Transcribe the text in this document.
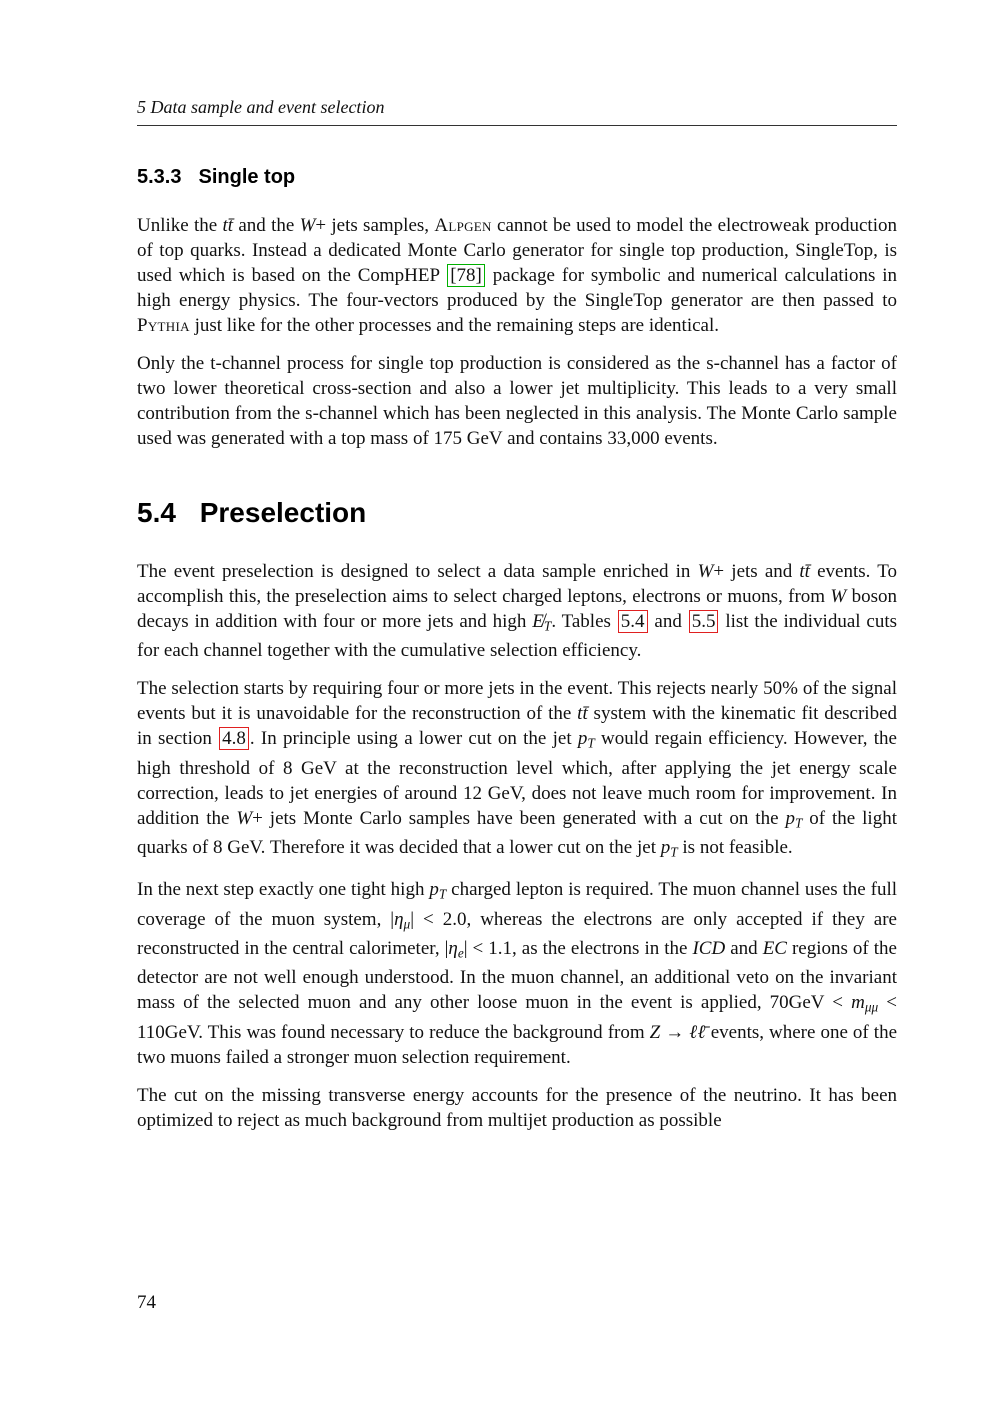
5 Data sample and event selection
5.3.3 Single top

Unlike the tt̄ and the W+ jets samples, Alpgen cannot be used to model the electroweak production of top quarks. Instead a dedicated Monte Carlo generator for single top production, SingleTop, is used which is based on the CompHEP [78] package for symbolic and numerical calculations in high energy physics. The four-vectors produced by the SingleTop generator are then passed to Pythia just like for the other processes and the remaining steps are identical.

Only the t-channel process for single top production is considered as the s-channel has a factor of two lower theoretical cross-section and also a lower jet multiplicity. This leads to a very small contribution from the s-channel which has been neglected in this analysis. The Monte Carlo sample used was generated with a top mass of 175 GeV and contains 33,000 events.

5.4 Preselection

The event preselection is designed to select a data sample enriched in W+ jets and tt̄ events. To accomplish this, the preselection aims to select charged leptons, electrons or muons, from W boson decays in addition with four or more jets and high E̸T. Tables 5.4 and 5.5 list the individual cuts for each channel together with the cumulative selection efficiency.

The selection starts by requiring four or more jets in the event. This rejects nearly 50% of the signal events but it is unavoidable for the reconstruction of the tt̄ system with the kinematic fit described in section 4.8 . In principle using a lower cut on the jet pT would regain efficiency. However, the high threshold of 8 GeV at the reconstruction level which, after applying the jet energy scale correction, leads to jet energies of around 12 GeV, does not leave much room for improvement. In addition the W+ jets Monte Carlo samples have been generated with a cut on the pT of the light quarks of 8 GeV. Therefore it was decided that a lower cut on the jet pT is not feasible.

In the next step exactly one tight high pT charged lepton is required. The muon channel uses the full coverage of the muon system, |ημ| < 2.0, whereas the electrons are only accepted if they are reconstructed in the central calorimeter, |ηe| < 1.1, as the electrons in the ICD and EC regions of the detector are not well enough understood. In the muon channel, an additional veto on the invariant mass of the selected muon and any other loose muon in the event is applied, 70GeV < mμμ < 110GeV. This was found necessary to reduce the background from Z → ℓℓ̄ events, where one of the two muons failed a stronger muon selection requirement.

The cut on the missing transverse energy accounts for the presence of the neutrino. It has been optimized to reject as much background from multijet production as possible

74
